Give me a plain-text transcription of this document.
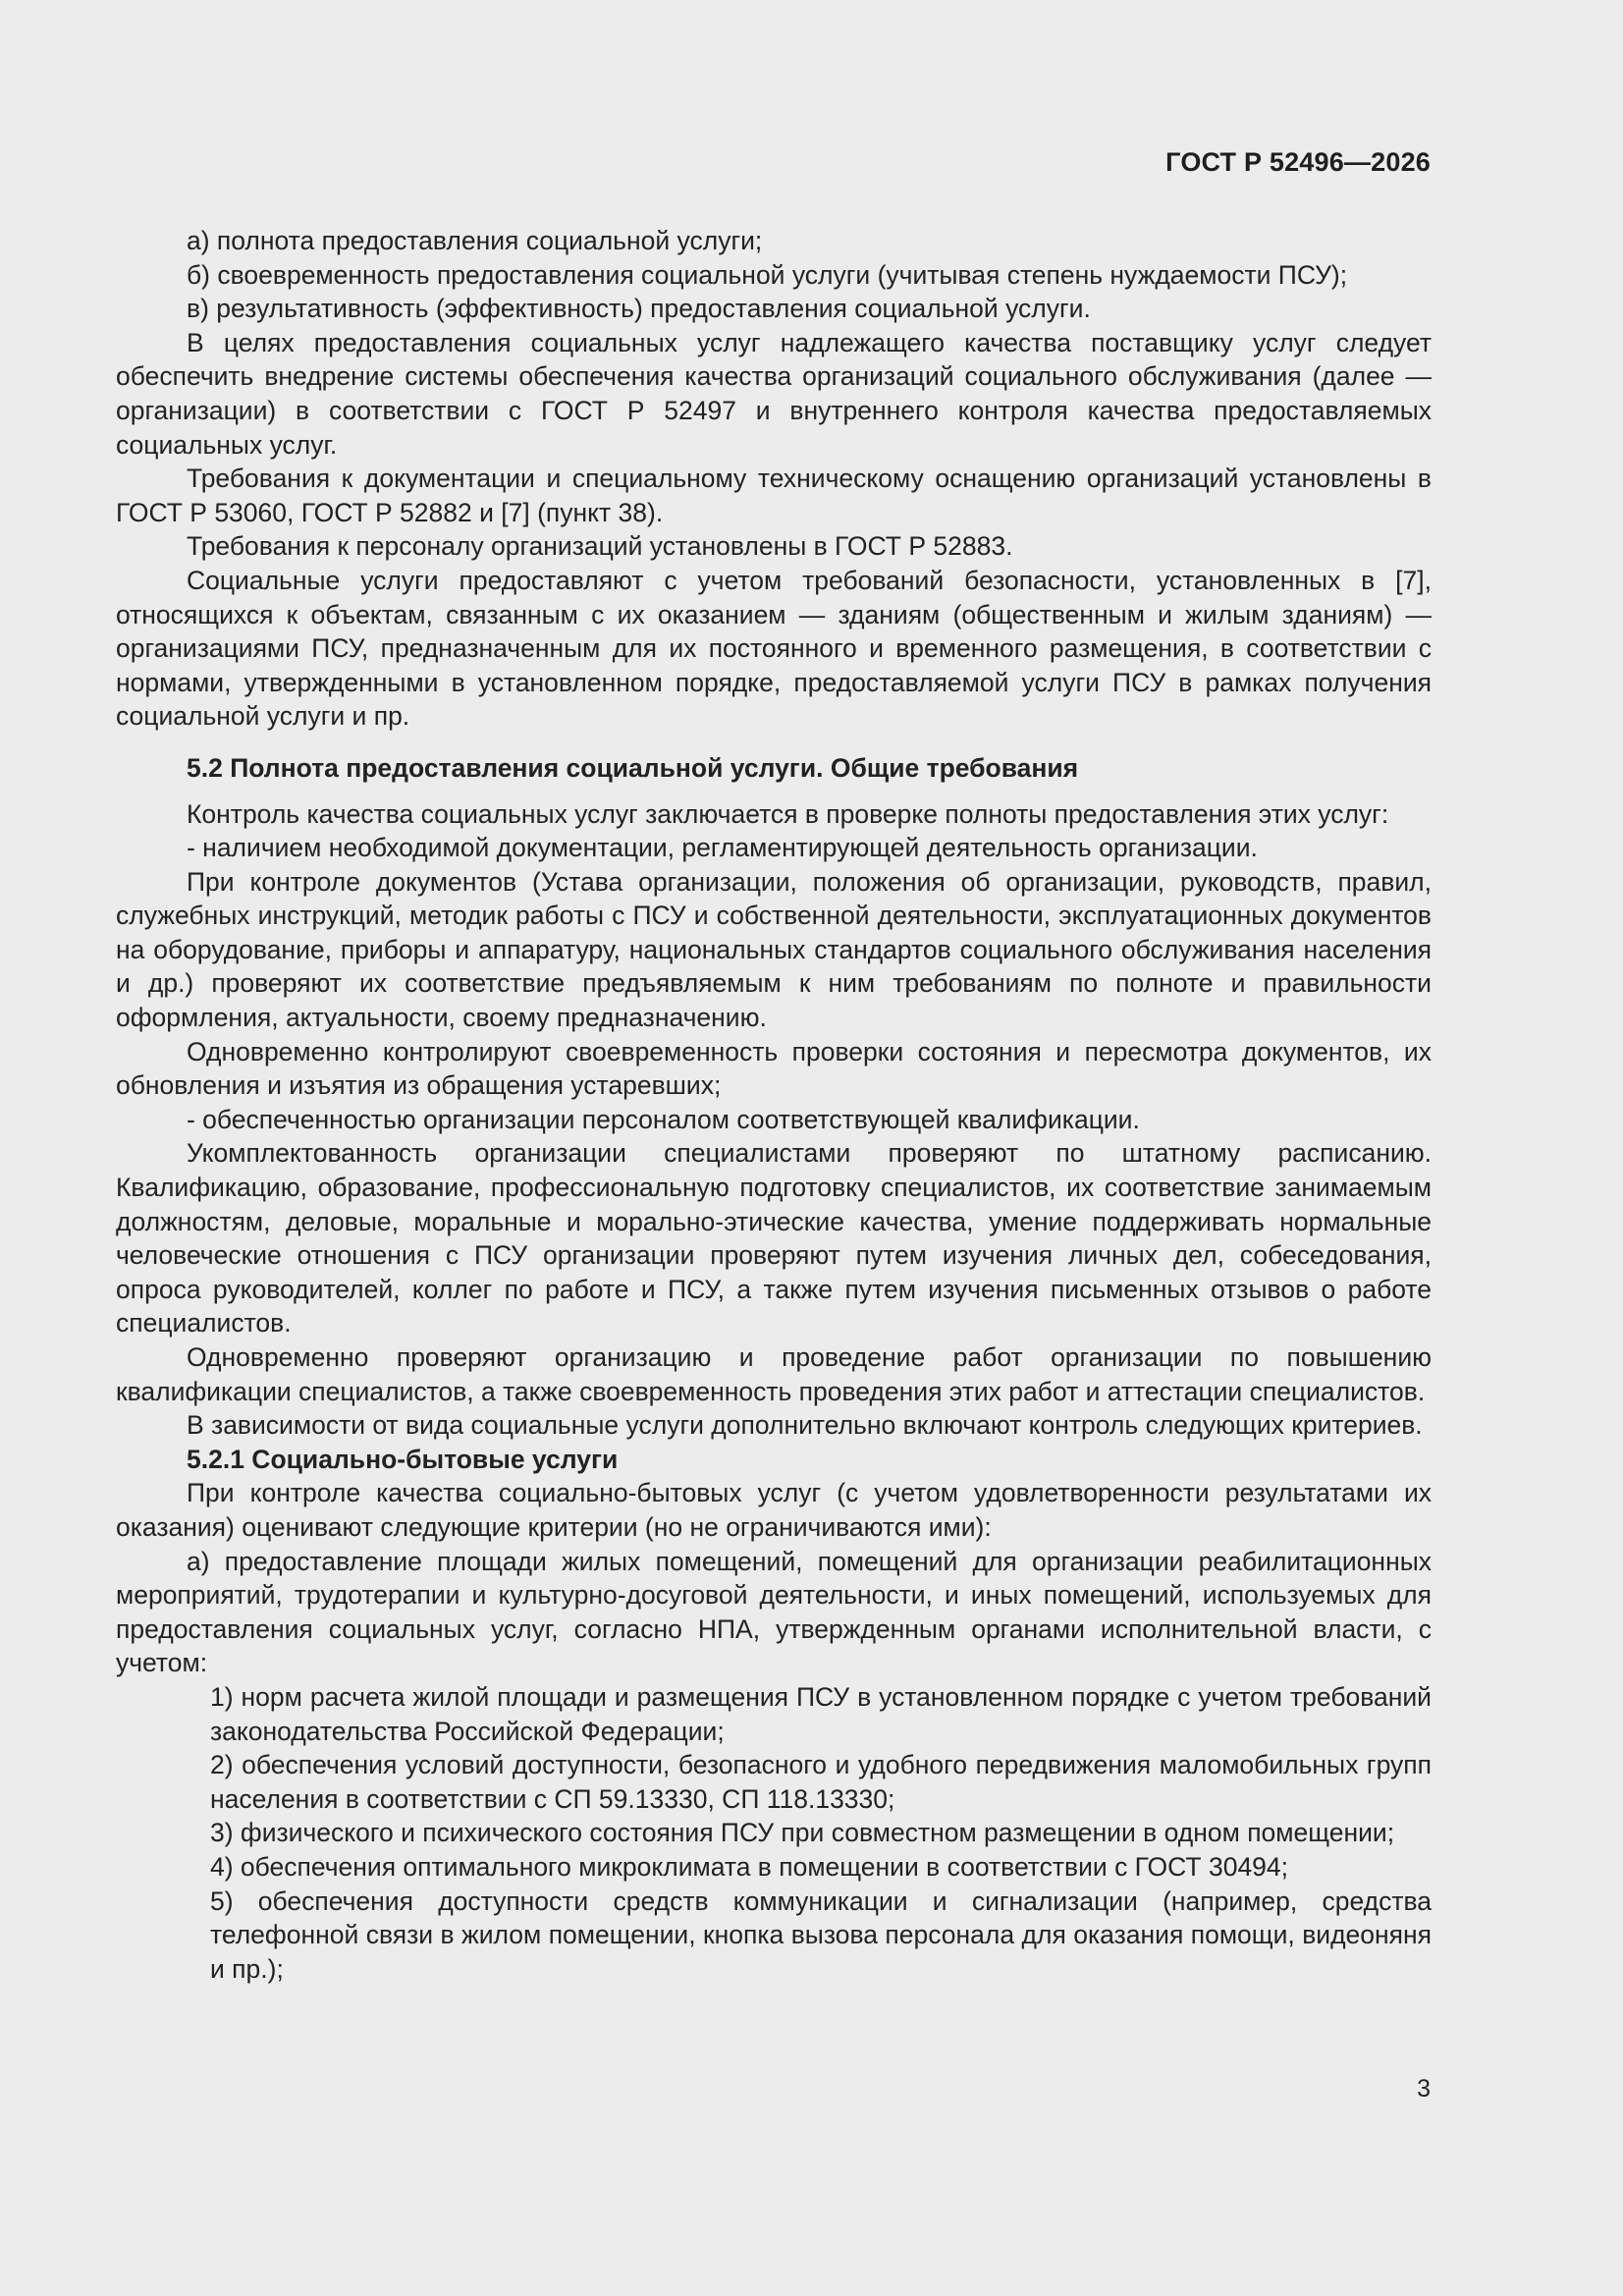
ГОСТ Р 52496—2026

а) полнота предоставления социальной услуги;

б) своевременность предоставления социальной услуги (учитывая степень нуждаемости ПСУ);

в) результативность (эффективность) предоставления социальной услуги.

В целях предоставления социальных услуг надлежащего качества поставщику услуг следует обеспечить внедрение системы обеспечения качества организаций социального обслуживания (далее — организации) в соответствии с ГОСТ Р 52497 и внутреннего контроля качества предоставляемых социальных услуг.

Требования к документации и специальному техническому оснащению организаций установлены в ГОСТ Р 53060, ГОСТ Р 52882 и [7] (пункт 38).

Требования к персоналу организаций установлены в ГОСТ Р 52883.

Социальные услуги предоставляют с учетом требований безопасности, установленных в [7], относящихся к объектам, связанным с их оказанием — зданиям (общественным и жилым зданиям) — организациями ПСУ, предназначенным для их постоянного и временного размещения, в соответствии с нормами, утвержденными в установленном порядке, предоставляемой услуги ПСУ в рамках получения социальной услуги и пр.

5.2 Полнота предоставления социальной услуги. Общие требования

Контроль качества социальных услуг заключается в проверке полноты предоставления этих услуг:

- наличием необходимой документации, регламентирующей деятельность организации.

При контроле документов (Устава организации, положения об организации, руководств, правил, служебных инструкций, методик работы с ПСУ и собственной деятельности, эксплуатационных документов на оборудование, приборы и аппаратуру, национальных стандартов социального обслуживания населения и др.) проверяют их соответствие предъявляемым к ним требованиям по полноте и правильности оформления, актуальности, своему предназначению.

Одновременно контролируют своевременность проверки состояния и пересмотра документов, их обновления и изъятия из обращения устаревших;

- обеспеченностью организации персоналом соответствующей квалификации.

Укомплектованность организации специалистами проверяют по штатному расписанию. Квалификацию, образование, профессиональную подготовку специалистов, их соответствие занимаемым должностям, деловые, моральные и морально-этические качества, умение поддерживать нормальные человеческие отношения с ПСУ организации проверяют путем изучения личных дел, собеседования, опроса руководителей, коллег по работе и ПСУ, а также путем изучения письменных отзывов о работе специалистов.

Одновременно проверяют организацию и проведение работ организации по повышению квалификации специалистов, а также своевременность проведения этих работ и аттестации специалистов.

В зависимости от вида социальные услуги дополнительно включают контроль следующих критериев.

5.2.1 Социально-бытовые услуги

При контроле качества социально-бытовых услуг (с учетом удовлетворенности результатами их оказания) оценивают следующие критерии (но не ограничиваются ими):

а) предоставление площади жилых помещений, помещений для организации реабилитационных мероприятий, трудотерапии и культурно-досуговой деятельности, и иных помещений, используемых для предоставления социальных услуг, согласно НПА, утвержденным органами исполнительной власти, с учетом:

1) норм расчета жилой площади и размещения ПСУ в установленном порядке с учетом требований законодательства Российской Федерации;

2) обеспечения условий доступности, безопасного и удобного передвижения маломобильных групп населения в соответствии с СП 59.13330, СП 118.13330;

3) физического и психического состояния ПСУ при совместном размещении в одном помещении;

4) обеспечения оптимального микроклимата в помещении в соответствии с ГОСТ 30494;

5) обеспечения доступности средств коммуникации и сигнализации (например, средства телефонной связи в жилом помещении, кнопка вызова персонала для оказания помощи, видеоняня и пр.);

3
